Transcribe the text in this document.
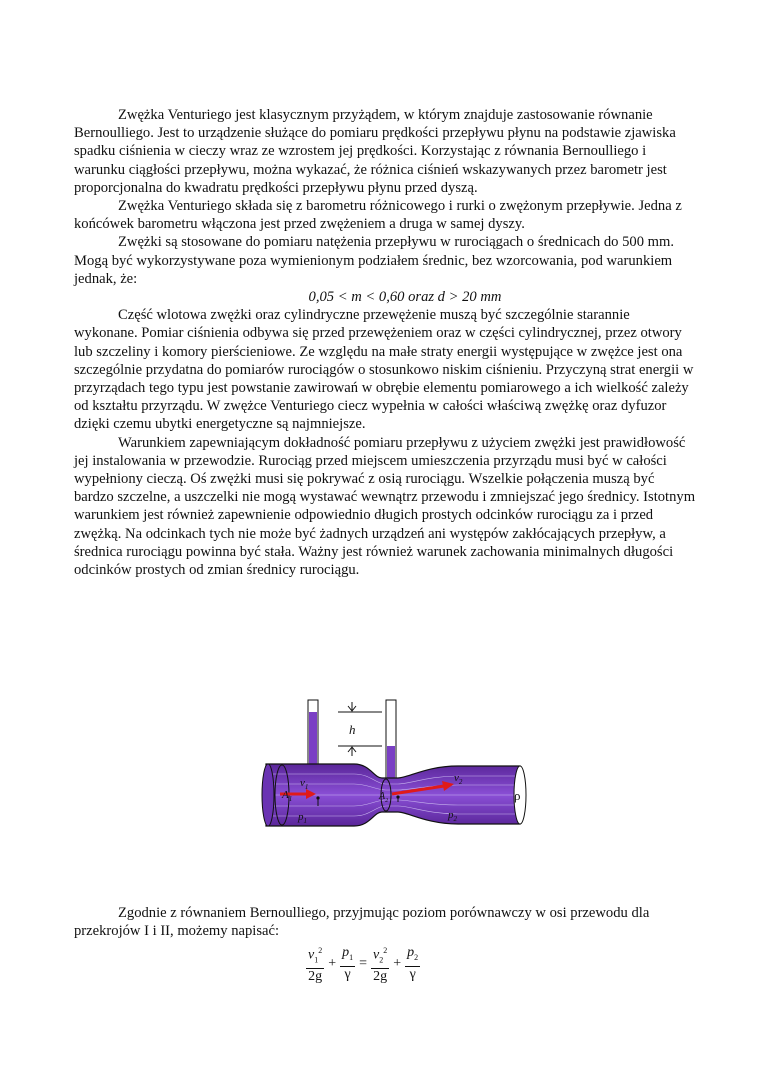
Zwężka Venturiego jest klasycznym przyżądem, w którym znajduje zastosowanie równanie Bernoulliego. Jest to urządzenie służące do pomiaru prędkości przepływu płynu na podstawie zjawiska spadku ciśnienia w cieczy wraz ze wzrostem jej prędkości. Korzystając z równania Bernoulliego i warunku ciągłości przepływu, można wykazać, że różnica ciśnień wskazywanych przez barometr jest proporcjonalna do kwadratu prędkości przepływu płynu przed dyszą.

Zwężka Venturiego składa się z barometru różnicowego i rurki o zwężonym przepływie. Jedna z końcówek barometru włączona jest przed zwężeniem a druga w samej dyszy.

Zwężki są stosowane do pomiaru natężenia przepływu w rurociągach o średnicach do 500 mm. Mogą być wykorzystywane poza wymienionym podziałem średnic, bez wzorcowania, pod warunkiem jednak, że:

0,05 < m < 0,60 oraz d > 20 mm

Część wlotowa zwężki oraz cylindryczne przewężenie muszą być szczególnie starannie wykonane. Pomiar ciśnienia odbywa się przed przewężeniem oraz w części cylindrycznej, przez otwory lub szczeliny i komory pierścieniowe. Ze względu na małe straty energii występujące w zwężce jest ona szczególnie przydatna do pomiarów rurociągów o stosunkowo niskim ciśnieniu. Przyczyną strat energii w przyrządach tego typu jest powstanie zawirowań w obrębie elementu pomiarowego a ich wielkość zależy od kształtu przyrządu. W zwężce Venturiego ciecz wypełnia w całości właściwą zwężkę oraz dyfuzor dzięki czemu ubytki energetyczne są najmniejsze.

Warunkiem zapewniającym dokładność pomiaru przepływu z użyciem zwężki jest prawidłowość jej instalowania w przewodzie. Rurociąg przed miejscem umieszczenia przyrządu musi być w całości wypełniony cieczą. Oś zwężki musi się pokrywać z osią rurociągu. Wszelkie połączenia muszą być bardzo szczelne, a uszczelki nie mogą wystawać wewnątrz przewodu i zmniejszać jego średnicy. Istotnym warunkiem jest również zapewnienie odpowiednio długich prostych odcinków rurociągu za i przed zwężką. Na odcinkach tych nie może być żadnych urządzeń ani występów zakłócających przepływ, a średnica rurociągu powinna być stała. Ważny jest również warunek zachowania minimalnych długości odcinków prostych od zmian średnicy rurociągu.

h
$A_1$
$v_1$
$p_1$
$A_2$
$v_2$
$p_2$
ρ

Zgodnie z równaniem Bernoulliego, przyjmując poziom porównawczy w osi przewodu dla przekrojów I i II, możemy napisać:

$\frac{v_1^2}{2g} + \frac{p_1}{\gamma} = \frac{v_2^2}{2g} + \frac{p_2}{\gamma}$
